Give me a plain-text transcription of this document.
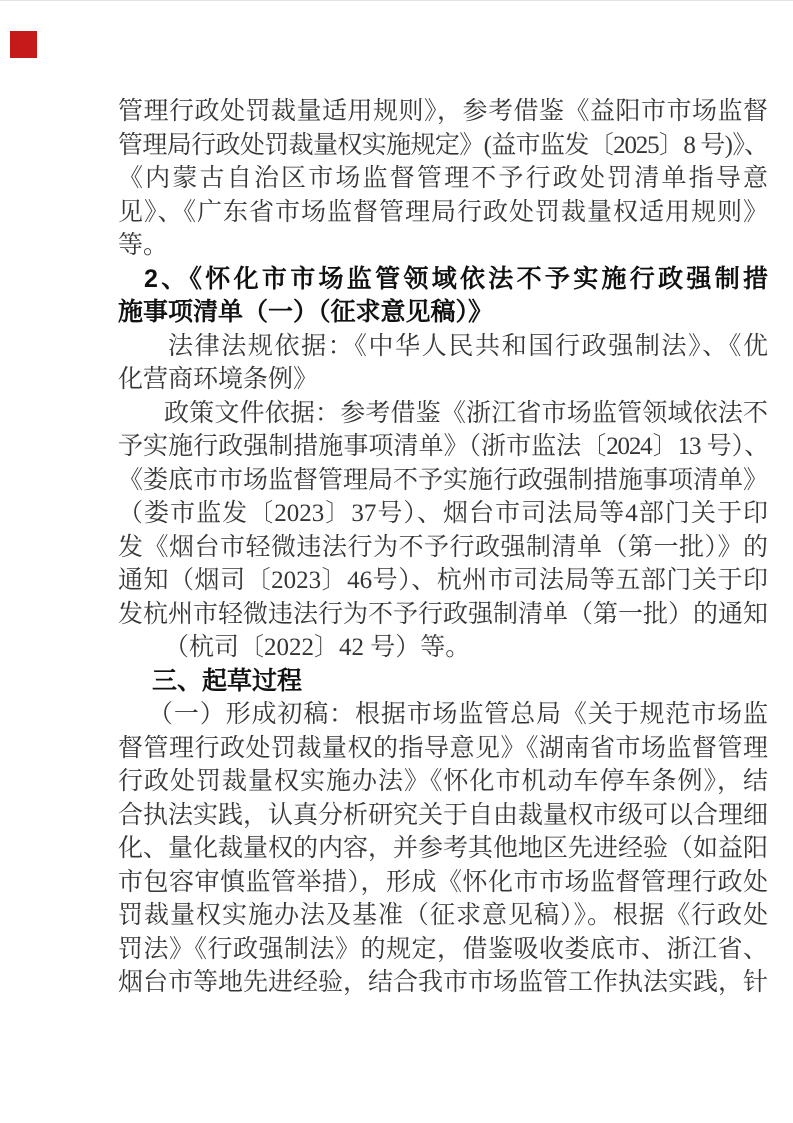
管理行政处罚裁量适用规则》，参考借鉴《益阳市市场监督
管理局行政处罚裁量权实施规定》(益市监发〔2025〕8 号)》、
《内蒙古自治区市场监督管理不予行政处罚清单指导意
见》、《广东省市场监督管理局行政处罚裁量权适用规则》
等。
2、《怀化市市场监管领域依法不予实施行政强制措
施事项清单（一）（征求意见稿）》
法律法规依据：《中华人民共和国行政强制法》、《优
化营商环境条例》
政策文件依据：参考借鉴《浙江省市场监管领域依法不
予实施行政强制措施事项清单》（浙市监法〔2024〕13 号）、
《娄底市市场监督管理局不予实施行政强制措施事项清单》
（娄市监发〔2023〕37号）、烟台市司法局等4部门关于印
发《烟台市轻微违法行为不予行政强制清单（第一批）》的
通知（烟司〔2023〕46号）、杭州市司法局等五部门关于印
发杭州市轻微违法行为不予行政强制清单（第一批）的通知
（杭司〔2022〕42 号）等。
三、起草过程
（一）形成初稿：根据市场监管总局《关于规范市场监
督管理行政处罚裁量权的指导意见》《湖南省市场监督管理
行政处罚裁量权实施办法》《怀化市机动车停车条例》，结
合执法实践，认真分析研究关于自由裁量权市级可以合理细
化、量化裁量权的内容，并参考其他地区先进经验（如益阳
市包容审慎监管举措），形成《怀化市市场监督管理行政处
罚裁量权实施办法及基准（征求意见稿）》。根据《行政处
罚法》《行政强制法》的规定，借鉴吸收娄底市、浙江省、
烟台市等地先进经验，结合我市市场监管工作执法实践，针
